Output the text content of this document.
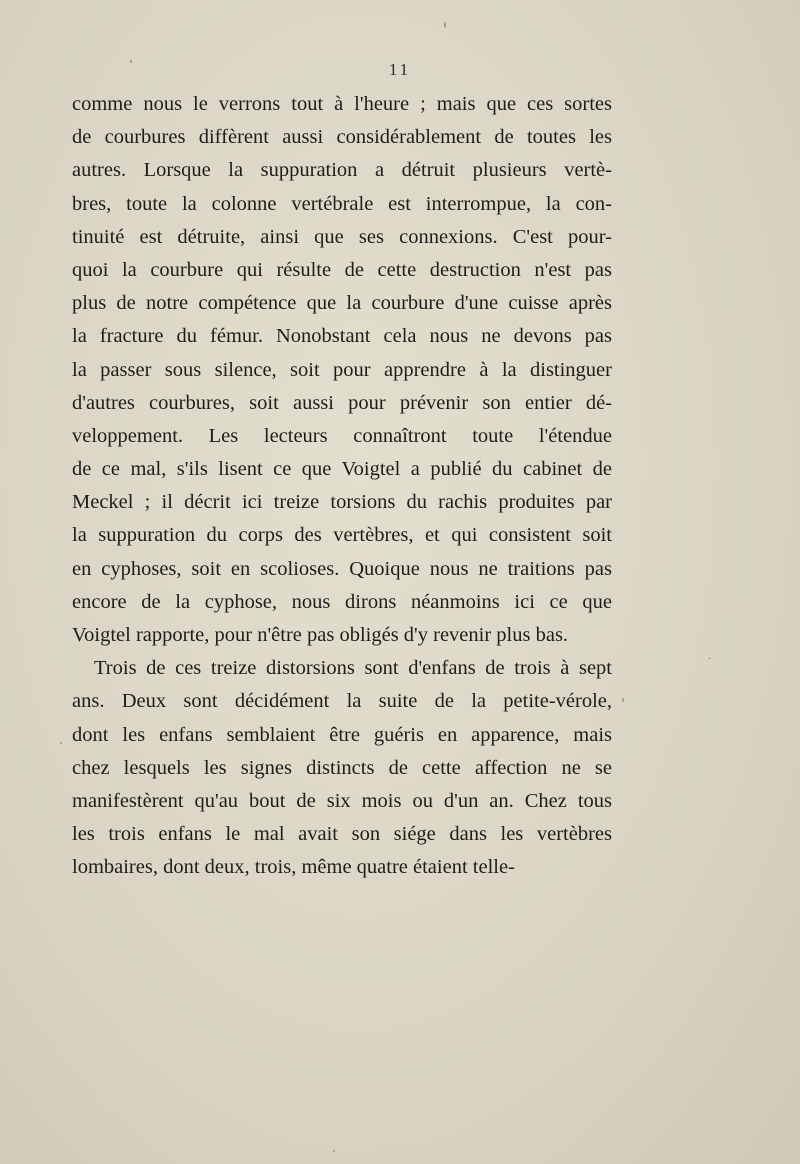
11
comme nous le verrons tout à l'heure ; mais que ces sortes
de courbures diffèrent aussi considérablement de toutes les
autres. Lorsque la suppuration a détruit plusieurs vertè-
bres, toute la colonne vertébrale est interrompue, la con-
tinuité est détruite, ainsi que ses connexions. C'est pour-
quoi la courbure qui résulte de cette destruction n'est pas
plus de notre compétence que la courbure d'une cuisse après
la fracture du fémur. Nonobstant cela nous ne devons pas
la passer sous silence, soit pour apprendre à la distinguer
d'autres courbures, soit aussi pour prévenir son entier dé-
veloppement. Les lecteurs connaîtront toute l'étendue
de ce mal, s'ils lisent ce que Voigtel a publié du cabinet de
Meckel ; il décrit ici treize torsions du rachis produites par
la suppuration du corps des vertèbres, et qui consistent soit
en cyphoses, soit en scolioses. Quoique nous ne traitions pas
encore de la cyphose, nous dirons néanmoins ici ce que
Voigtel rapporte, pour n'être pas obligés d'y revenir plus bas.
Trois de ces treize distorsions sont d'enfans de trois à sept
ans. Deux sont décidément la suite de la petite-vérole,
dont les enfans semblaient être guéris en apparence, mais
chez lesquels les signes distincts de cette affection ne se
manifestèrent qu'au bout de six mois ou d'un an. Chez tous
les trois enfans le mal avait son siége dans les vertèbres
lombaires, dont deux, trois, même quatre étaient telle-
